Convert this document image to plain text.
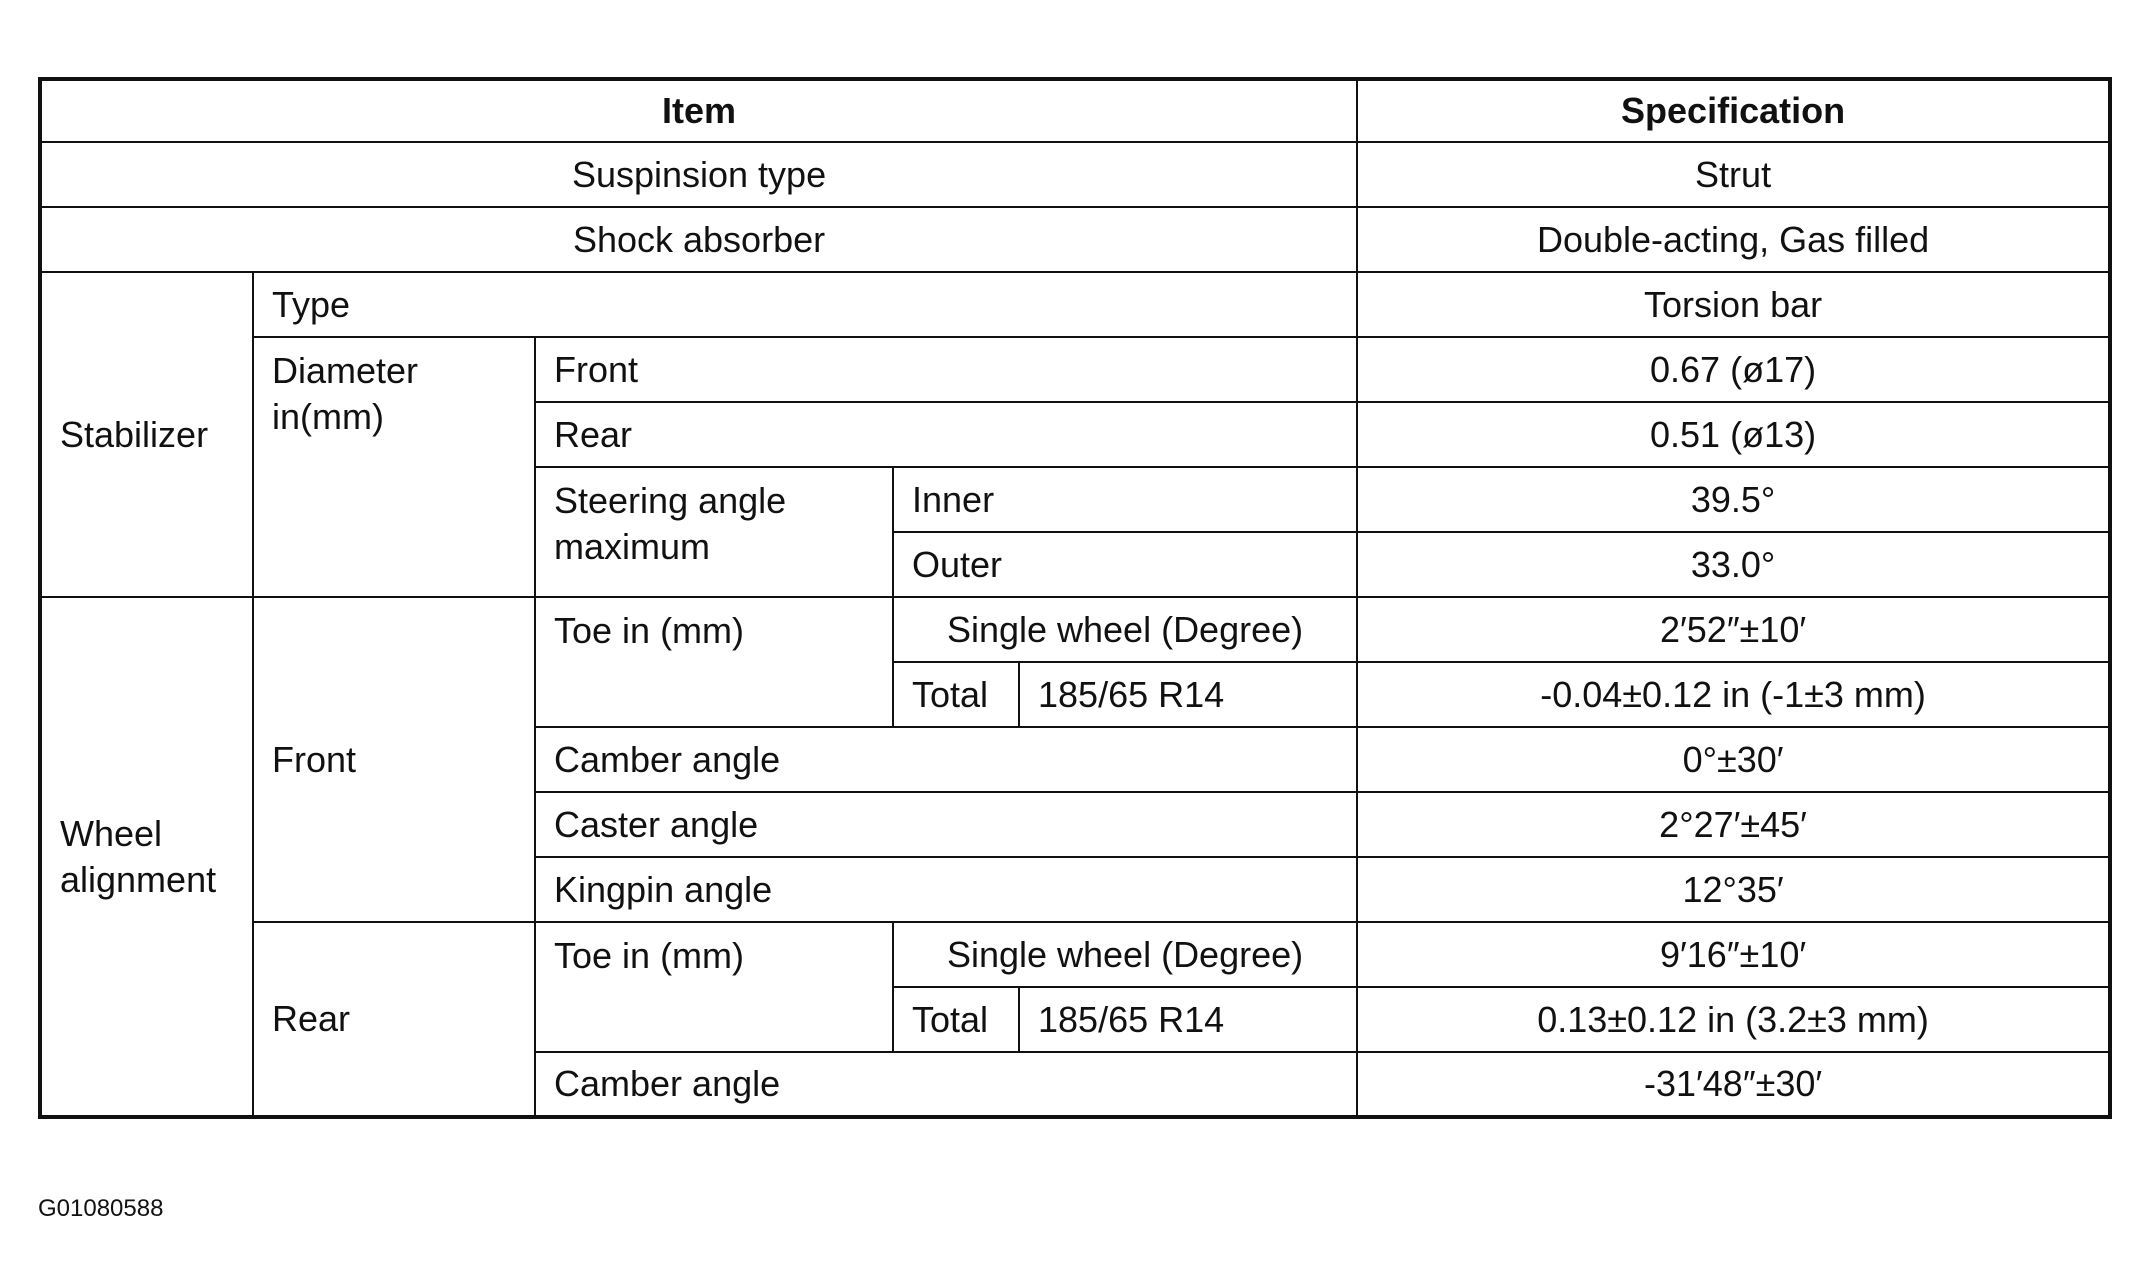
Item					Specification
Suspinsion type					Strut
Shock absorber					Double-acting, Gas filled
Stabilizer	Type				Torsion bar
	Diameter in(mm)	Front			0.67 (ø17)
		Rear			0.51 (ø13)
		Steering angle maximum	Inner		39.5°
			Outer		33.0°
Wheel alignment	Front	Toe in (mm)	Single wheel (Degree)		2′52″±10′
			Total	185/65 R14	-0.04±0.12 in (-1±3 mm)
		Camber angle			0°±30′
		Caster angle			2°27′±45′
		Kingpin angle			12°35′
	Rear	Toe in (mm)	Single wheel (Degree)		9′16″±10′
			Total	185/65 R14	0.13±0.12 in (3.2±3 mm)
		Camber angle			-31′48″±30′
G01080588
